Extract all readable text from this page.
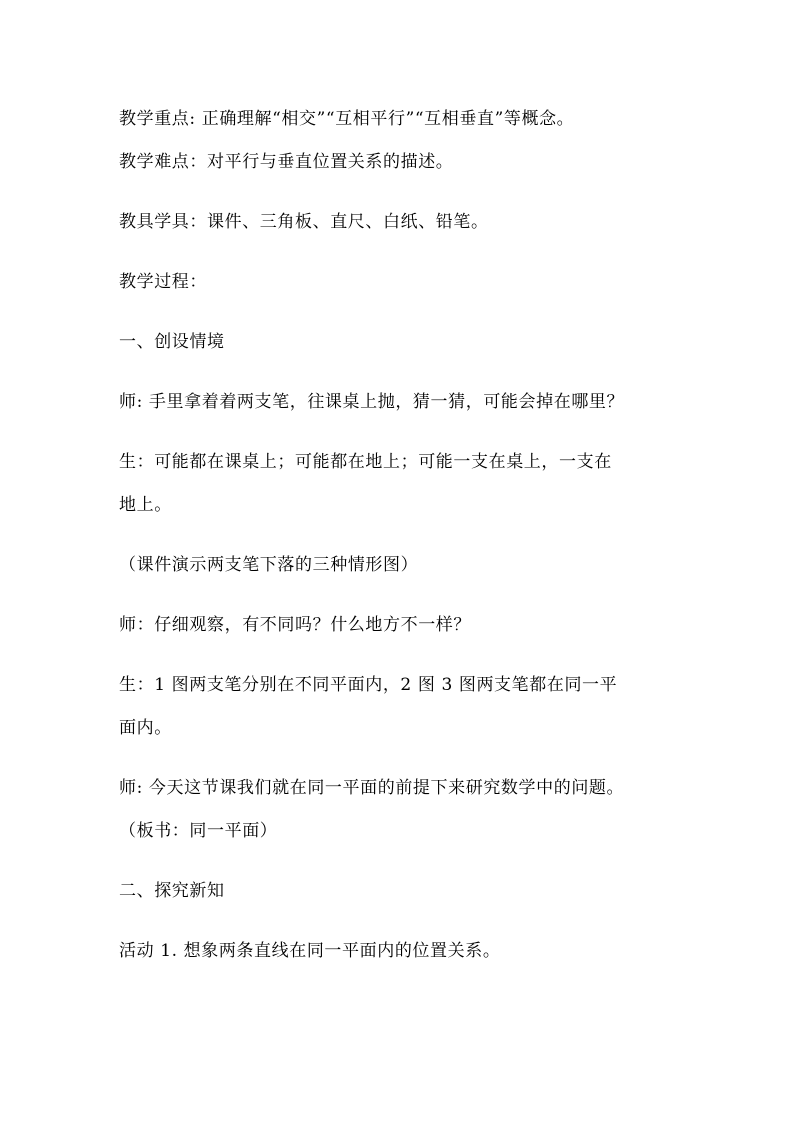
教学重点: 正确理解“相交”“互相平行”“互相垂直”等概念。
教学难点：对平行与垂直位置关系的描述。
教具学具：课件、三角板、直尺、白纸、铅笔。
教学过程：
一、创设情境
师: 手里拿着着两支笔，往课桌上抛，猜一猜，可能会掉在哪里？
生：可能都在课桌上；可能都在地上；可能一支在桌上，一支在
地上。
（课件演示两支笔下落的三种情形图）
师：仔细观察，有不同吗？什么地方不一样？
生：1 图两支笔分别在不同平面内，2 图 3 图两支笔都在同一平
面内。
师: 今天这节课我们就在同一平面的前提下来研究数学中的问题。
（板书：同一平面）
二、探究新知
活动 1. 想象两条直线在同一平面内的位置关系。
